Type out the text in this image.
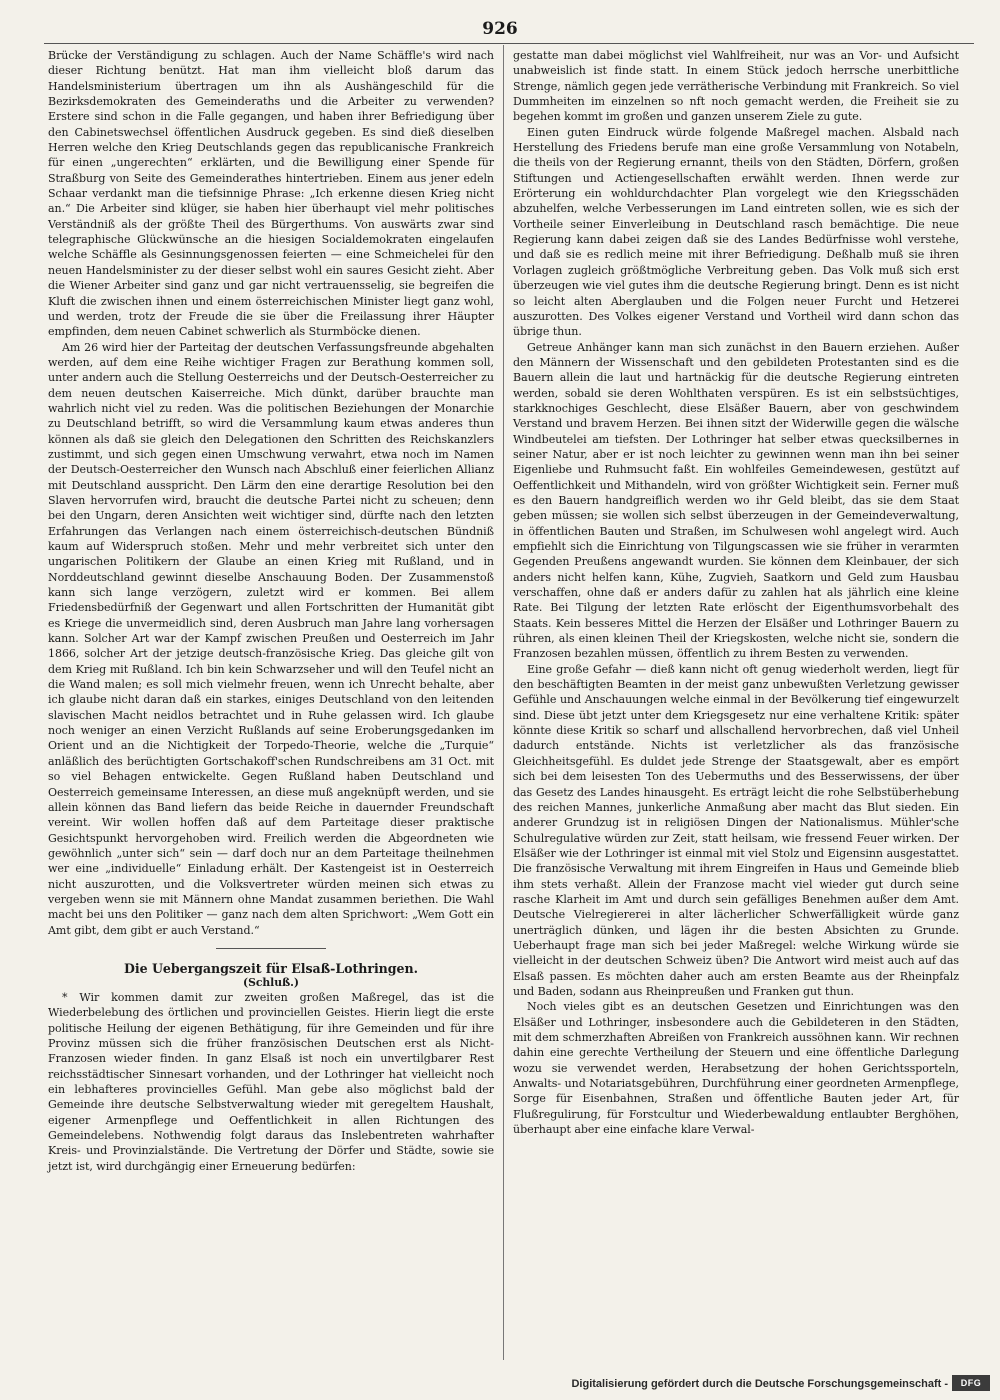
926

Brücke der Verständigung zu schlagen. Auch der Name Schäffle's wird nach dieser Richtung benützt. Hat man ihm vielleicht bloß darum das Handelsministerium übertragen um ihn als Aushängeschild für die Bezirksdemokraten des Gemeinderaths und die Arbeiter zu verwenden? Erstere sind schon in die Falle gegangen, und haben ihrer Befriedigung über den Cabinetswechsel öffentlichen Ausdruck gegeben. Es sind dieß dieselben Herren welche den Krieg Deutschlands gegen das republicanische Frankreich für einen „ungerechten“ erklärten, und die Bewilligung einer Spende für Straßburg von Seite des Gemeinderathes hintertrieben. Einem aus jener edeln Schaar verdankt man die tiefsinnige Phrase: „Ich erkenne diesen Krieg nicht an.“ Die Arbeiter sind klüger, sie haben hier überhaupt viel mehr politisches Verständniß als der größte Theil des Bürgerthums. Von auswärts zwar sind telegraphische Glückwünsche an die hiesigen Socialdemokraten eingelaufen welche Schäffle als Gesinnungsgenossen feierten — eine Schmeichelei für den neuen Handelsminister zu der dieser selbst wohl ein saures Gesicht zieht. Aber die Wiener Arbeiter sind ganz und gar nicht vertrauensselig, sie begreifen die Kluft die zwischen ihnen und einem österreichischen Minister liegt ganz wohl, und werden, trotz der Freude die sie über die Freilassung ihrer Häupter empfinden, dem neuen Cabinet schwerlich als Sturmböcke dienen.

Am 26 wird hier der Parteitag der deutschen Verfassungsfreunde abgehalten werden, auf dem eine Reihe wichtiger Fragen zur Berathung kommen soll, unter andern auch die Stellung Oesterreichs und der Deutsch-Oesterreicher zu dem neuen deutschen Kaiserreiche. Mich dünkt, darüber brauchte man wahrlich nicht viel zu reden. Was die politischen Beziehungen der Monarchie zu Deutschland betrifft, so wird die Versammlung kaum etwas anderes thun können als daß sie gleich den Delegationen den Schritten des Reichskanzlers zustimmt, und sich gegen einen Umschwung verwahrt, etwa noch im Namen der Deutsch-Oesterreicher den Wunsch nach Abschluß einer feierlichen Allianz mit Deutschland ausspricht. Den Lärm den eine derartige Resolution bei den Slaven hervorrufen wird, braucht die deutsche Partei nicht zu scheuen; denn bei den Ungarn, deren Ansichten weit wichtiger sind, dürfte nach den letzten Erfahrungen das Verlangen nach einem österreichisch-deutschen Bündniß kaum auf Widerspruch stoßen. Mehr und mehr verbreitet sich unter den ungarischen Politikern der Glaube an einen Krieg mit Rußland, und in Norddeutschland gewinnt dieselbe Anschauung Boden. Der Zusammenstoß kann sich lange verzögern, zuletzt wird er kommen. Bei allem Friedensbedürfniß der Gegenwart und allen Fortschritten der Humanität gibt es Kriege die unvermeidlich sind, deren Ausbruch man Jahre lang vorhersagen kann. Solcher Art war der Kampf zwischen Preußen und Oesterreich im Jahr 1866, solcher Art der jetzige deutsch-französische Krieg. Das gleiche gilt von dem Krieg mit Rußland. Ich bin kein Schwarzseher und will den Teufel nicht an die Wand malen; es soll mich vielmehr freuen, wenn ich Unrecht behalte, aber ich glaube nicht daran daß ein starkes, einiges Deutschland von den leitenden slavischen Macht neidlos betrachtet und in Ruhe gelassen wird. Ich glaube noch weniger an einen Verzicht Rußlands auf seine Eroberungsgedanken im Orient und an die Nichtigkeit der Torpedo-Theorie, welche die „Turquie“ anläßlich des berüchtigten Gortschakoff'schen Rundschreibens am 31 Oct. mit so viel Behagen entwickelte. Gegen Rußland haben Deutschland und Oesterreich gemeinsame Interessen, an diese muß angeknüpft werden, und sie allein können das Band liefern das beide Reiche in dauernder Freundschaft vereint. Wir wollen hoffen daß auf dem Parteitage dieser praktische Gesichtspunkt hervorgehoben wird. Freilich werden die Abgeordneten wie gewöhnlich „unter sich“ sein — darf doch nur an dem Parteitage theilnehmen wer eine „individuelle“ Einladung erhält. Der Kastengeist ist in Oesterreich nicht auszurotten, und die Volksvertreter würden meinen sich etwas zu vergeben wenn sie mit Männern ohne Mandat zusammen beriethen. Die Wahl macht bei uns den Politiker — ganz nach dem alten Sprichwort: „Wem Gott ein Amt gibt, dem gibt er auch Verstand.“

Die Uebergangszeit für Elsaß-Lothringen.
(Schluß.)

* Wir kommen damit zur zweiten großen Maßregel, das ist die Wiederbelebung des örtlichen und provinciellen Geistes. Hierin liegt die erste politische Heilung der eigenen Bethätigung, für ihre Gemeinden und für ihre Provinz müssen sich die früher französischen Deutschen erst als Nicht-Franzosen wieder finden. In ganz Elsaß ist noch ein unvertilgbarer Rest reichsstädtischer Sinnesart vorhanden, und der Lothringer hat vielleicht noch ein lebhafteres provincielles Gefühl. Man gebe also möglichst bald der Gemeinde ihre deutsche Selbstverwaltung wieder mit geregeltem Haushalt, eigener Armenpflege und Oeffentlichkeit in allen Richtungen des Gemeindelebens. Nothwendig folgt daraus das Inslebentreten wahrhafter Kreis- und Provinzialstände. Die Vertretung der Dörfer und Städte, sowie sie jetzt ist, wird durchgängig einer Erneuerung bedürfen:

gestatte man dabei möglichst viel Wahlfreiheit, nur was an Vor- und Aufsicht unabweislich ist finde statt. In einem Stück jedoch herrsche unerbittliche Strenge, nämlich gegen jede verrätherische Verbindung mit Frankreich. So viel Dummheiten im einzelnen so nft noch gemacht werden, die Freiheit sie zu begehen kommt im großen und ganzen unserem Ziele zu gute.

Einen guten Eindruck würde folgende Maßregel machen. Alsbald nach Herstellung des Friedens berufe man eine große Versammlung von Notabeln, die theils von der Regierung ernannt, theils von den Städten, Dörfern, großen Stiftungen und Actiengesellschaften erwählt werden. Ihnen werde zur Erörterung ein wohldurchdachter Plan vorgelegt wie den Kriegsschäden abzuhelfen, welche Verbesserungen im Land eintreten sollen, wie es sich der Vortheile seiner Einverleibung in Deutschland rasch bemächtige. Die neue Regierung kann dabei zeigen daß sie des Landes Bedürfnisse wohl verstehe, und daß sie es redlich meine mit ihrer Befriedigung. Deßhalb muß sie ihren Vorlagen zugleich größtmögliche Verbreitung geben. Das Volk muß sich erst überzeugen wie viel gutes ihm die deutsche Regierung bringt. Denn es ist nicht so leicht alten Aberglauben und die Folgen neuer Furcht und Hetzerei auszurotten. Des Volkes eigener Verstand und Vortheil wird dann schon das übrige thun.

Getreue Anhänger kann man sich zunächst in den Bauern erziehen. Außer den Männern der Wissenschaft und den gebildeten Protestanten sind es die Bauern allein die laut und hartnäckig für die deutsche Regierung eintreten werden, sobald sie deren Wohlthaten verspüren. Es ist ein selbstsüchtiges, starkknochiges Geschlecht, diese Elsäßer Bauern, aber von geschwindem Verstand und bravem Herzen. Bei ihnen sitzt der Widerwille gegen die wälsche Windbeutelei am tiefsten. Der Lothringer hat selber etwas quecksilbernes in seiner Natur, aber er ist noch leichter zu gewinnen wenn man ihn bei seiner Eigenliebe und Ruhmsucht faßt. Ein wohlfeiles Gemeindewesen, gestützt auf Oeffentlichkeit und Mithandeln, wird von größter Wichtigkeit sein. Ferner muß es den Bauern handgreiflich werden wo ihr Geld bleibt, das sie dem Staat geben müssen; sie wollen sich selbst überzeugen in der Gemeindeverwaltung, in öffentlichen Bauten und Straßen, im Schulwesen wohl angelegt wird. Auch empfiehlt sich die Einrichtung von Tilgungscassen wie sie früher in verarmten Gegenden Preußens angewandt wurden. Sie können dem Kleinbauer, der sich anders nicht helfen kann, Kühe, Zugvieh, Saatkorn und Geld zum Hausbau verschaffen, ohne daß er anders dafür zu zahlen hat als jährlich eine kleine Rate. Bei Tilgung der letzten Rate erlöscht der Eigenthumsvorbehalt des Staats. Kein besseres Mittel die Herzen der Elsäßer und Lothringer Bauern zu rühren, als einen kleinen Theil der Kriegskosten, welche nicht sie, sondern die Franzosen bezahlen müssen, öffentlich zu ihrem Besten zu verwenden.

Eine große Gefahr — dieß kann nicht oft genug wiederholt werden, liegt für den beschäftigten Beamten in der meist ganz unbewußten Verletzung gewisser Gefühle und Anschauungen welche einmal in der Bevölkerung tief eingewurzelt sind. Diese übt jetzt unter dem Kriegsgesetz nur eine verhaltene Kritik: später könnte diese Kritik so scharf und allschallend hervorbrechen, daß viel Unheil dadurch entstände. Nichts ist verletzlicher als das französische Gleichheitsgefühl. Es duldet jede Strenge der Staatsgewalt, aber es empört sich bei dem leisesten Ton des Uebermuths und des Besserwissens, der über das Gesetz des Landes hinausgeht. Es erträgt leicht die rohe Selbstüberhebung des reichen Mannes, junkerliche Anmaßung aber macht das Blut sieden. Ein anderer Grundzug ist in religiösen Dingen der Nationalismus. Mühler'sche Schulregulative würden zur Zeit, statt heilsam, wie fressend Feuer wirken. Der Elsäßer wie der Lothringer ist einmal mit viel Stolz und Eigensinn ausgestattet. Die französische Verwaltung mit ihrem Eingreifen in Haus und Gemeinde blieb ihm stets verhaßt. Allein der Franzose macht viel wieder gut durch seine rasche Klarheit im Amt und durch sein gefälliges Benehmen außer dem Amt. Deutsche Vielregiererei in alter lächerlicher Schwerfälligkeit würde ganz unerträglich dünken, und lägen ihr die besten Absichten zu Grunde. Ueberhaupt frage man sich bei jeder Maßregel: welche Wirkung würde sie vielleicht in der deutschen Schweiz üben? Die Antwort wird meist auch auf das Elsaß passen. Es möchten daher auch am ersten Beamte aus der Rheinpfalz und Baden, sodann aus Rheinpreußen und Franken gut thun.

Noch vieles gibt es an deutschen Gesetzen und Einrichtungen was den Elsäßer und Lothringer, insbesondere auch die Gebildeteren in den Städten, mit dem schmerzhaften Abreißen von Frankreich aussöhnen kann. Wir rechnen dahin eine gerechte Vertheilung der Steuern und eine öffentliche Darlegung wozu sie verwendet werden, Herabsetzung der hohen Gerichtssporteln, Anwalts- und Notariatsgebühren, Durchführung einer geordneten Armenpflege, Sorge für Eisenbahnen, Straßen und öffentliche Bauten jeder Art, für Flußregulirung, für Forstcultur und Wiederbewaldung entlaubter Berghöhen, überhaupt aber eine einfache klare Verwal-

Digitalisierung gefördert durch die Deutsche Forschungsgemeinschaft -	DFG
